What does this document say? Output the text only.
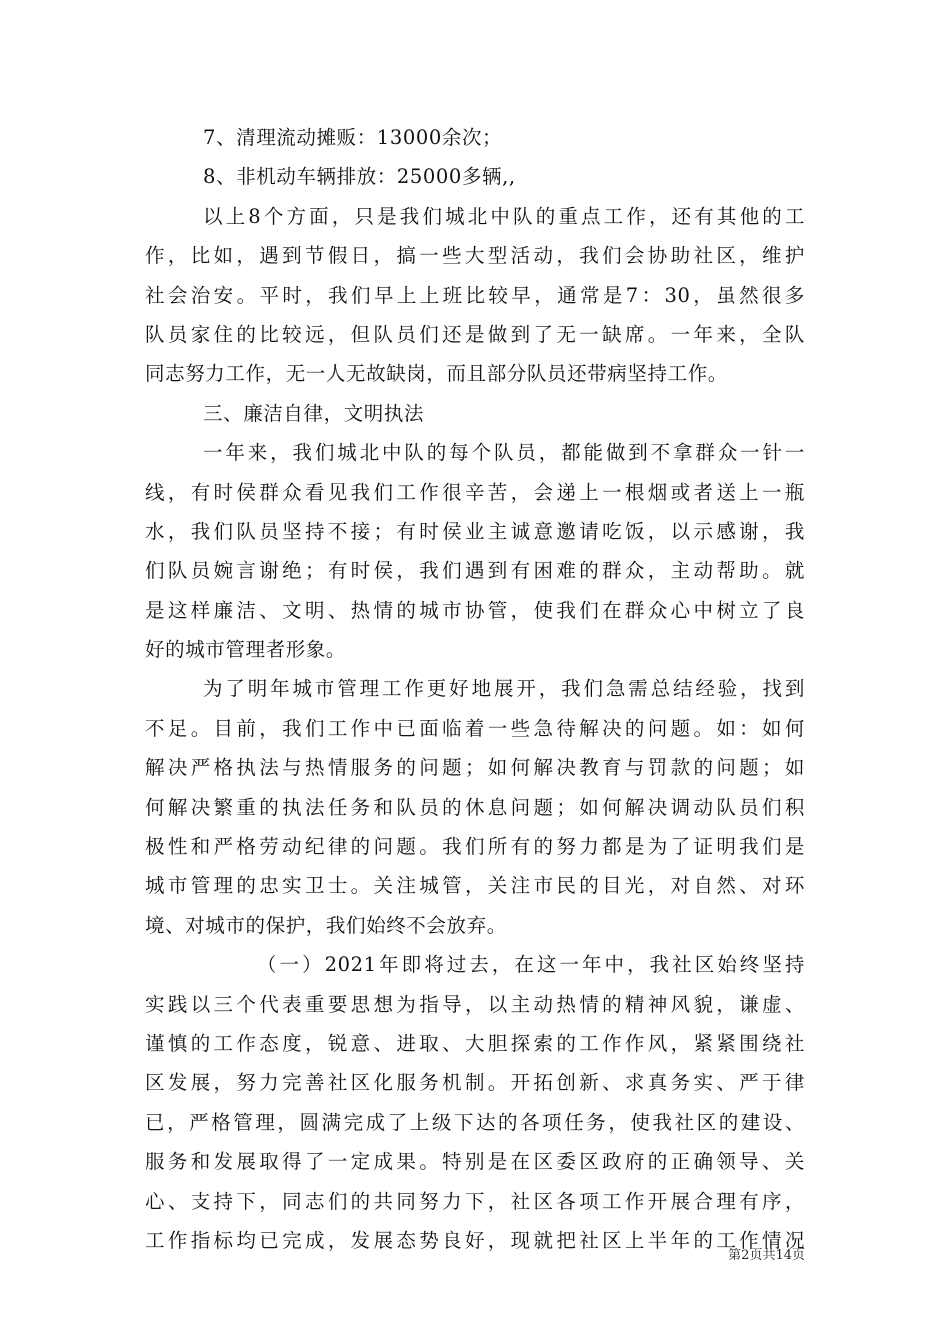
7、清理流动摊贩：13000余次；
8、非机动车辆排放：25000多辆,,
以上8个方面，只是我们城北中队的重点工作，还有其他的工
作，比如，遇到节假日，搞一些大型活动，我们会协助社区，维护
社会治安。平时，我们早上上班比较早，通常是7：30，虽然很多
队员家住的比较远，但队员们还是做到了无一缺席。一年来，全队
同志努力工作，无一人无故缺岗，而且部分队员还带病坚持工作。
三、廉洁自律，文明执法
一年来，我们城北中队的每个队员，都能做到不拿群众一针一
线，有时侯群众看见我们工作很辛苦，会递上一根烟或者送上一瓶
水，我们队员坚持不接；有时侯业主诚意邀请吃饭，以示感谢，我
们队员婉言谢绝；有时侯，我们遇到有困难的群众，主动帮助。就
是这样廉洁、文明、热情的城市协管，使我们在群众心中树立了良
好的城市管理者形象。
为了明年城市管理工作更好地展开，我们急需总结经验，找到
不足。目前，我们工作中已面临着一些急待解决的问题。如：如何
解决严格执法与热情服务的问题；如何解决教育与罚款的问题；如
何解决繁重的执法任务和队员的休息问题；如何解决调动队员们积
极性和严格劳动纪律的问题。我们所有的努力都是为了证明我们是
城市管理的忠实卫士。关注城管，关注市民的目光，对自然、对环
境、对城市的保护，我们始终不会放弃。
（一）2021年即将过去，在这一年中，我社区始终坚持
实践以三个代表重要思想为指导，以主动热情的精神风貌，谦虚、
谨慎的工作态度，锐意、进取、大胆探索的工作作风，紧紧围绕社
区发展，努力完善社区化服务机制。开拓创新、求真务实、严于律
已，严格管理，圆满完成了上级下达的各项任务，使我社区的建设、
服务和发展取得了一定成果。特别是在区委区政府的正确领导、关
心、支持下，同志们的共同努力下，社区各项工作开展合理有序，
工作指标均已完成，发展态势良好，现就把社区上半年的工作情况
第2页共14页
